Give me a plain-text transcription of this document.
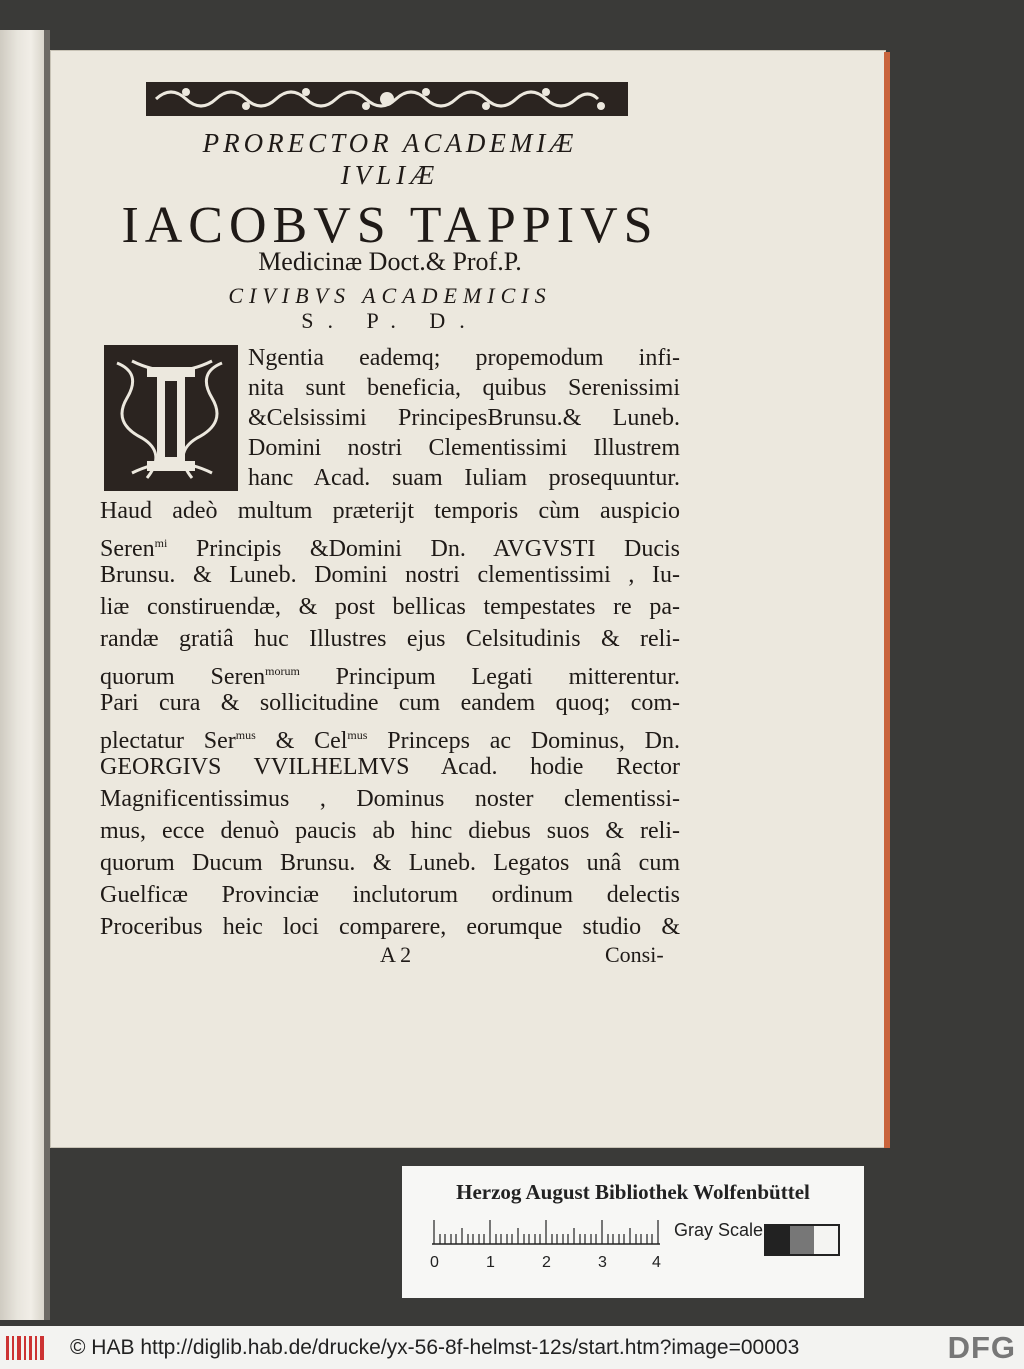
PRORECTOR ACADEMIÆ
IVLIÆ
IACOBVS TAPPIVS
Medicinæ Doct.& Prof.P.
CIVIBVS ACADEMICIS
S. P. D.
Ngentia eademq; propemodum infi-
nita sunt beneficia, quibus Serenissimi
&Celsissimi PrincipesBrunsu.& Luneb.
Domini nostri Clementissimi Illustrem
hanc Acad. suam Iuliam prosequuntur.
Haud adeò multum præterijt temporis cùm auspicio
Seren$^{mi}$ Principis &Domini Dn. AVGVSTI Ducis
Brunsu. & Luneb. Domini nostri clementissimi , Iu-
liæ constiruendæ, & post bellicas tempestates re pa-
randæ gratiâ huc Illustres ejus Celsitudinis & reli-
quorum Seren$^{morum}$ Principum Legati mitterentur.
Pari cura & sollicitudine cum eandem quoq; com-
plectatur Ser$^{mus}$ & Cel$^{mus}$ Princeps ac Dominus, Dn.
GEORGIVS VVILHELMVS Acad. hodie Rector
Magnificentissimus , Dominus noster clementissi-
mus, ecce denuò paucis ab hinc diebus suos & reli-
quorum Ducum Brunsu. & Luneb. Legatos unâ cum
Guelficæ Provinciæ inclutorum ordinum delectis
Proceribus heic loci comparere, eorumque studio &
A 2	Consi-
Herzog August Bibliothek Wolfenbüttel
0	1	2	3	4
Gray Scale
© HAB http://diglib.hab.de/drucke/yx-56-8f-helmst-12s/start.htm?image=00003	DFG
